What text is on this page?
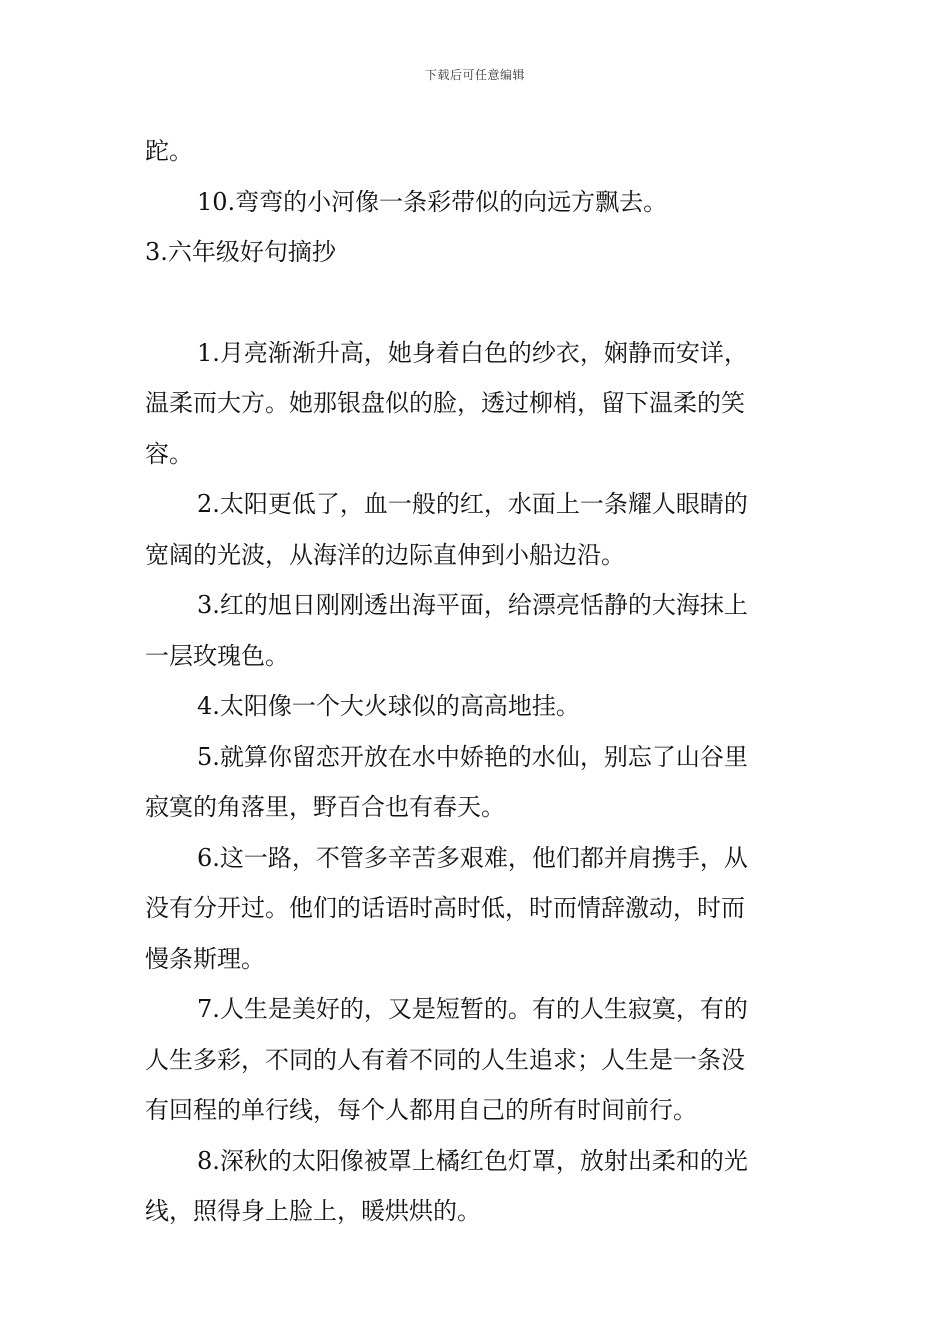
下载后可任意编辑
跎。
10.弯弯的小河像一条彩带似的向远方飘去。
3.六年级好句摘抄
1.月亮渐渐升高，她身着白色的纱衣，娴静而安详，
温柔而大方。她那银盘似的脸，透过柳梢，留下温柔的笑
容。
2.太阳更低了，血一般的红，水面上一条耀人眼睛的
宽阔的光波，从海洋的边际直伸到小船边沿。
3.红的旭日刚刚透出海平面，给漂亮恬静的大海抹上
一层玫瑰色。
4.太阳像一个大火球似的高高地挂。
5.就算你留恋开放在水中娇艳的水仙，别忘了山谷里
寂寞的角落里，野百合也有春天。
6.这一路，不管多辛苦多艰难，他们都并肩携手，从
没有分开过。他们的话语时高时低，时而情辞激动，时而
慢条斯理。
7.人生是美好的，又是短暂的。有的人生寂寞，有的
人生多彩，不同的人有着不同的人生追求；人生是一条没
有回程的单行线，每个人都用自己的所有时间前行。
8.深秋的太阳像被罩上橘红色灯罩，放射出柔和的光
线，照得身上脸上，暖烘烘的。
